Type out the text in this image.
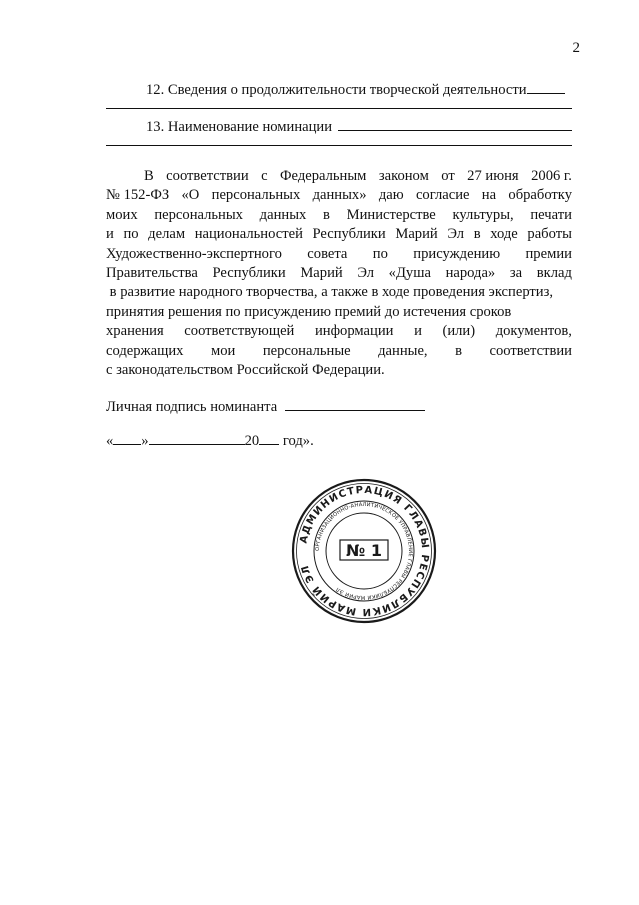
2
12. Сведения о продолжительности творческой деятельности
13. Наименование номинации
В соответствии с Федеральным законом от 27 июня 2006 г.
№ 152-ФЗ «О персональных данных» даю согласие на обработку
моих персональных данных в Министерстве культуры, печати
и по делам национальностей Республики Марий Эл в ходе работы
Художественно-экспертного совета по присуждению премии
Правительства Республики Марий Эл «Душа народа» за вклад
в развитие народного творчества, а также в ходе проведения экспертиз,
принятия решения по присуждению премий до истечения сроков
хранения соответствующей информации и (или) документов,
содержащих мои персональные данные, в соответствии
с законодательством Российской Федерации.
Личная подпись номинанта
« »	20 год».
АДМИНИСТРАЦИЯ ГЛАВЫ РЕСПУБЛИКИ МАРИЙ ЭЛ
ОРГАНИЗАЦИОННО-АНАЛИТИЧЕСКОЕ УПРАВЛЕНИЕ ГЛАВЫ РЕСПУБЛИКИ МАРИЙ ЭЛ
№ 1
